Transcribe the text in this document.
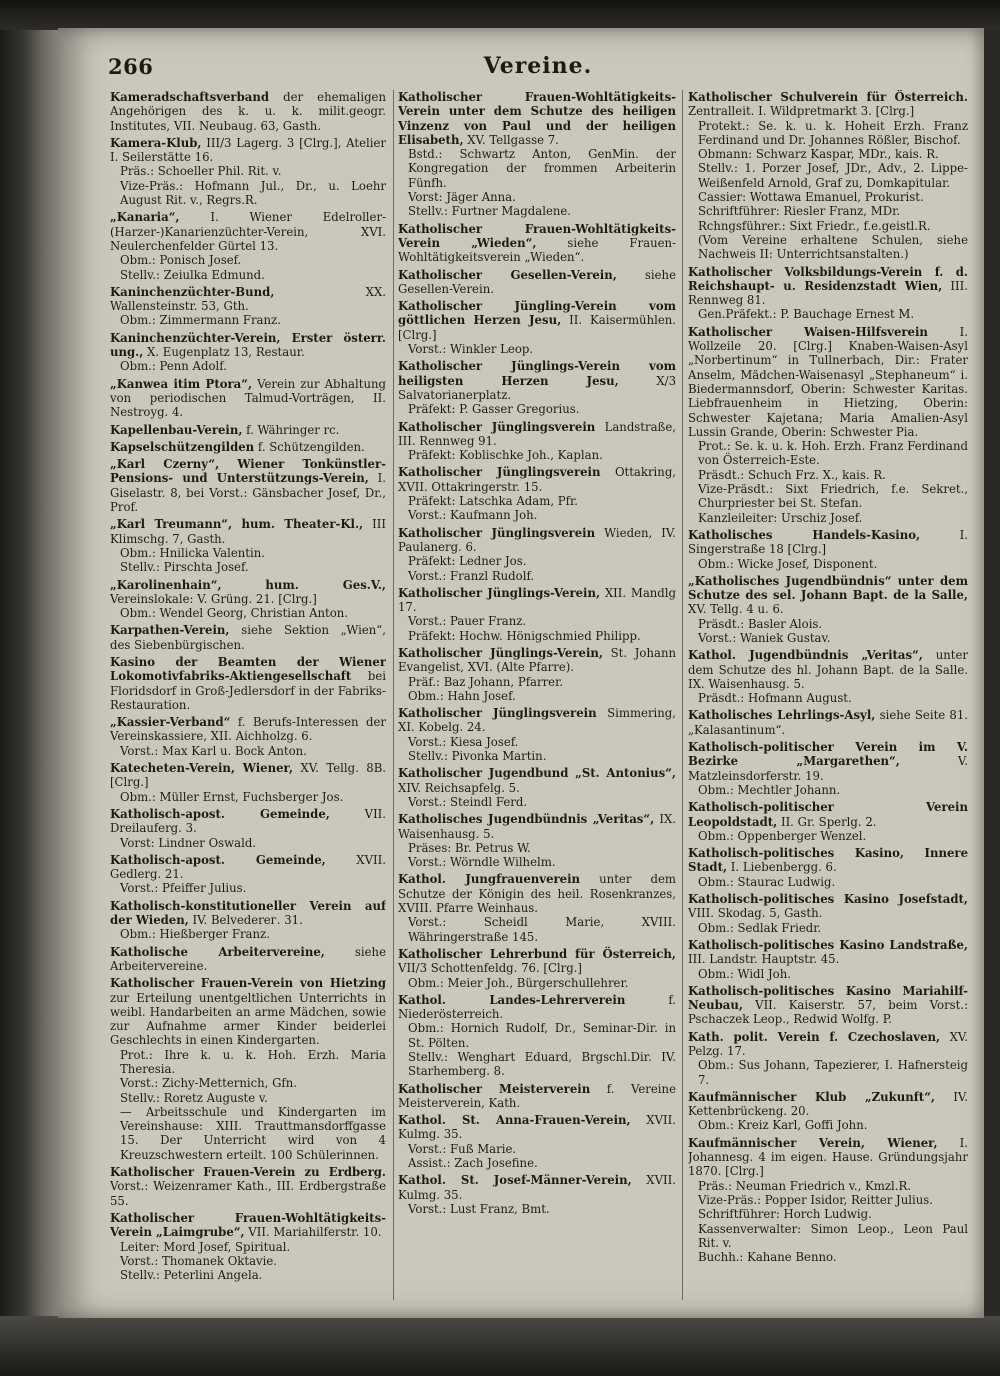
266	Vereine.
Kameradschaftsverband der ehemaligen Angehörigen des k. u. k. milit.geogr. Institutes, VII. Neubaug. 63, Gasth.
Kamera-Klub, III/3 Lagerg. 3 [Clrg.], Atelier I. Seilerstätte 16.
Präs.: Schoeller Phil. Rit. v.
Vize-Präs.: Hofmann Jul., Dr., u. Loehr August Rit. v., Regrs.R.
„Kanaria“,	I. Wiener Edelroller-(Harzer-)Kanarienzüchter-Verein, XVI. Neulerchenfelder Gürtel 13.
Obm.: Ponisch Josef.
Stellv.: Zeiulka Edmund.
Kaninchenzüchter-Bund,	XX. Wallensteinstr. 53, Gth.
Obm.: Zimmermann Franz.
Kaninchenzüchter-Verein, Erster österr. ung., X. Eugenplatz 13, Restaur.
Obm.: Penn Adolf.
„Kanwea itim Ptora“, Verein zur Abhaltung von periodischen Talmud-Vorträgen, II. Nestroyg. 4.
Kapellenbau-Verein, f. Währinger rc.
Kapselschützengilden f. Schützengilden.
„Karl Czerny“, Wiener Tonkünstler-Pensions- und Unterstützungs-Verein, I. Giselastr. 8, bei Vorst.: Gänsbacher Josef, Dr., Prof.
„Karl Treumann“, hum. Theater-Kl., III Klimschg. 7, Gasth.
Obm.: Hnilicka Valentin.
Stellv.: Pirschta Josef.
„Karolinenhain“, hum. Ges.V., Vereinslokale: V. Grüng. 21. [Clrg.]
Obm.: Wendel Georg, Christian Anton.
Karpathen-Verein, siehe Sektion „Wien“, des Siebenbürgischen.
Kasino der Beamten der Wiener Lokomotivfabriks-Aktiengesellschaft bei Floridsdorf in Groß-Jedlersdorf in der Fabriks-Restauration.
„Kassier-Verband“ f. Berufs-Interessen der Vereinskassiere, XII. Aichholzg. 6.
Vorst.: Max Karl u. Bock Anton.
Katecheten-Verein, Wiener, XV. Tellg. 8B. [Clrg.]
Obm.: Müller Ernst, Fuchsberger Jos.
Katholisch-apost. Gemeinde,	VII. Dreilauferg. 3.
Vorst: Lindner Oswald.
Katholisch-apost. Gemeinde,	XVII. Gedlerg. 21.
Vorst.: Pfeiffer Julius.
Katholisch-konstitutioneller Verein auf der Wieden, IV. Belvederег. 31.
Obm.: Hießberger Franz.
Katholische Arbeitervereine,	siehe Arbeitervereine.
Katholischer Frauen-Verein von Hietzing zur Erteilung unentgeltlichen Unterrichts in weibl. Handarbeiten an arme Mädchen, sowie zur Aufnahme armer Kinder beiderlei Geschlechts in einen Kindergarten.
Prot.: Ihre k. u. k. Hoh. Erzh. Maria Theresia.
Vorst.: Zichy-Metternich, Gfn.
Stellv.: Roretz Auguste v.
— Arbeitsschule und Kindergarten im Vereinshause: XIII. Trauttmansdorffgasse 15. Der Unterricht wird von 4 Kreuzschwestern erteilt. 100 Schülerinnen.
Katholischer Frauen-Verein zu Erdberg. Vorst.: Weizenramer Kath., III. Erdbergstraße 55.
Katholischer Frauen-Wohltätigkeits-Verein „Laimgrube“, VII. Mariahilferstr. 10.
Leiter: Mord Josef, Spiritual.
Vorst.: Thomanek Oktavie.
Stellv.: Peterlini Angela.
Katholischer Frauen-Wohltätigkeits-Verein unter dem Schutze des heiligen Vinzenz von Paul und der heiligen Elisabeth, XV. Tellgasse 7.
Bstd.: Schwartz Anton, GenMin. der Kongregation der frommen Arbeiterin Fünfh.
Vorst: Jäger Anna.
Stellv.: Furtner Magdalene.
Katholischer Frauen-Wohltätigkeits-Verein „Wieden“,	siehe Frauen-Wohltätigkeitsverein „Wieden“.
Katholischer Gesellen-Verein, siehe Gesellen-Verein.
Katholischer Jüngling-Verein vom göttlichen Herzen Jesu, II. Kaisermühlen. [Clrg.]
Vorst.: Winkler Leop.
Katholischer Jünglings-Verein vom heiligsten Herzen Jesu,	X/3 Salvatorianerplatz.
Präfekt: P. Gasser Gregorius.
Katholischer Jünglingsverein Landstraße, III. Rennweg 91.
Präfekt: Koblischke Joh., Kaplan.
Katholischer Jünglingsverein Ottakring, XVII. Ottakringerstr. 15.
Präfekt: Latschka Adam, Pfr.
Vorst.: Kaufmann Joh.
Katholischer Jünglingsverein Wieden, IV. Paulanerg. 6.
Präfekt: Ledner Jos.
Vorst.: Franzl Rudolf.
Katholischer Jünglings-Verein, XII. Mandlg 17.
Vorst.: Pauer Franz.
Präfekt: Hochw. Hönigschmied Philipp.
Katholischer Jünglings-Verein, St. Johann Evangelist, XVI. (Alte Pfarre).
Präf.: Baz Johann, Pfarrer.
Obm.: Hahn Josef.
Katholischer Jünglingsverein Simmering, XI. Kobelg. 24.
Vorst.: Kiesa Josef.
Stellv.: Pivonka Martin.
Katholischer Jugendbund „St. Antonius“, XIV. Reichsapfelg. 5.
Vorst.: Steindl Ferd.
Katholisches Jugendbündnis „Veritas“, IX. Waisenhausg. 5.
Präses: Br. Petrus W.
Vorst.: Wörndle Wilhelm.
Kathol. Jungfrauenverein unter dem Schutze der Königin des heil. Rosenkranzes, XVIII. Pfarre Weinhaus.
Vorst.: Scheidl Marie, XVIII. Währingerstraße 145.
Katholischer Lehrerbund für Österreich, VII/3 Schottenfeldg. 76. [Clrg.]
Obm.: Meier Joh., Bürgerschullehrer.
Kathol. Landes-Lehrerverein	f. Niederösterreich.
Obm.: Hornich Rudolf, Dr., Seminar-Dir. in St. Pölten.
Stellv.: Wenghart Eduard, Brgschl.Dir. IV. Starhemberg. 8.
Katholischer Meisterverein f. Vereine Meisterverein, Kath.
Kathol. St. Anna-Frauen-Verein, XVII. Kulmg. 35.
Vorst.: Fuß Marie.
Assist.: Zach Josefine.
Kathol. St. Josef-Männer-Verein, XVII. Kulmg. 35.
Vorst.: Lust Franz, Bmt.
Katholischer Schulverein für Österreich. Zentralleit. I. Wildpretmarkt 3. [Clrg.]
Protekt.: Se. k. u. k. Hoheit Erzh. Franz Ferdinand und Dr. Johannes Rößler, Bischof.
Obmann: Schwarz Kaspar, MDr., kais. R.
Stellv.: 1. Porzer Josef, JDr., Adv., 2. Lippe-Weißenfeld Arnold, Graf zu, Domkapitular.
Cassier: Wottawa Emanuel, Prokurist.
Schriftführer: Riesler Franz, MDr.
Rchngsführer.: Sixt Friedr., f.e.geistl.R.
(Vom Vereine erhaltene Schulen, siehe Nachweis II: Unterrichtsanstalten.)
Katholischer Volksbildungs-Verein f. d. Reichshaupt- u. Residenzstadt Wien, III. Rennweg 81.
Gen.Präfekt.: P. Bauchage Ernest M.
Katholischer Waisen-Hilfsverein	I. Wollzeile 20. [Clrg.] Knaben-Waisen-Asyl „Norbertinum“ in Tullnerbach, Dir.: Frater Anselm, Mädchen-Waisenasyl „Stephaneum“ i. Biedermannsdorf, Oberin: Schwester Karitas. Liebfrauenheim in Hietzing, Oberin: Schwester Kajetana; Maria Amalien-Asyl Lussin Grande, Oberin: Schwester Pia.
Prot.: Se. k. u. k. Hoh. Erzh. Franz Ferdinand von Österreich-Este.
Präsdt.: Schuch Frz. X., kais. R.
Vize-Präsdt.: Sixt Friedrich, f.e. Sekret., Churpriester bei St. Stefan.
Kanzleileiter: Urschiz Josef.
Katholisches Handels-Kasino,	I. Singerstraße 18 [Clrg.]
Obm.: Wicke Josef, Disponent.
„Katholisches Jugendbündnis“ unter dem Schutze des sel. Johann Bapt. de la Salle, XV. Tellg. 4 u. 6.
Präsdt.: Basler Alois.
Vorst.: Waniek Gustav.
Kathol. Jugendbündnis „Veritas“, unter dem Schutze des hl. Johann Bapt. de la Salle. IX. Waisenhausg. 5.
Präsdt.: Hofmann August.
Katholisches Lehrlings-Asyl, siehe Seite 81. „Kalasantinum“.
Katholisch-politischer Verein im V. Bezirke „Margarethen“,	V. Matzleinsdorferstr. 19.
Obm.: Mechtler Johann.
Katholisch-politischer Verein Leopoldstadt, II. Gr. Sperlg. 2.
Obm.: Oppenberger Wenzel.
Katholisch-politisches Kasino, Innere Stadt, I. Liebenbergg. 6.
Obm.: Staurac Ludwig.
Katholisch-politisches Kasino Josefstadt, VIII. Skodag. 5, Gasth.
Obm.: Sedlak Friedr.
Katholisch-politisches Kasino Landstraße, III. Landstr. Hauptstr. 45.
Obm.: Widl Joh.
Katholisch-politisches Kasino Mariahilf-Neubau, VII. Kaiserstr. 57, beim Vorst.: Pschaczek Leop., Redwid Wolfg. P.
Kath. polit. Verein f. Czechoslaven, XV. Pelzg. 17.
Obm.: Sus Johann, Tapezierer, I. Hafnersteig 7.
Kaufmännischer Klub „Zukunft“, IV. Kettenbrückeng. 20.
Obm.: Kreiz Karl, Goffi John.
Kaufmännischer Verein, Wiener, I. Johannesg. 4 im eigen. Hause. Gründungsjahr 1870. [Clrg.]
Präs.: Neuman Friedrich v., Kmzl.R.
Vize-Präs.: Popper Isidor, Reitter Julius.
Schriftführer: Horch Ludwig.
Kassenverwalter: Simon Leop., Leon Paul Rit. v.
Buchh.: Kahane Benno.
